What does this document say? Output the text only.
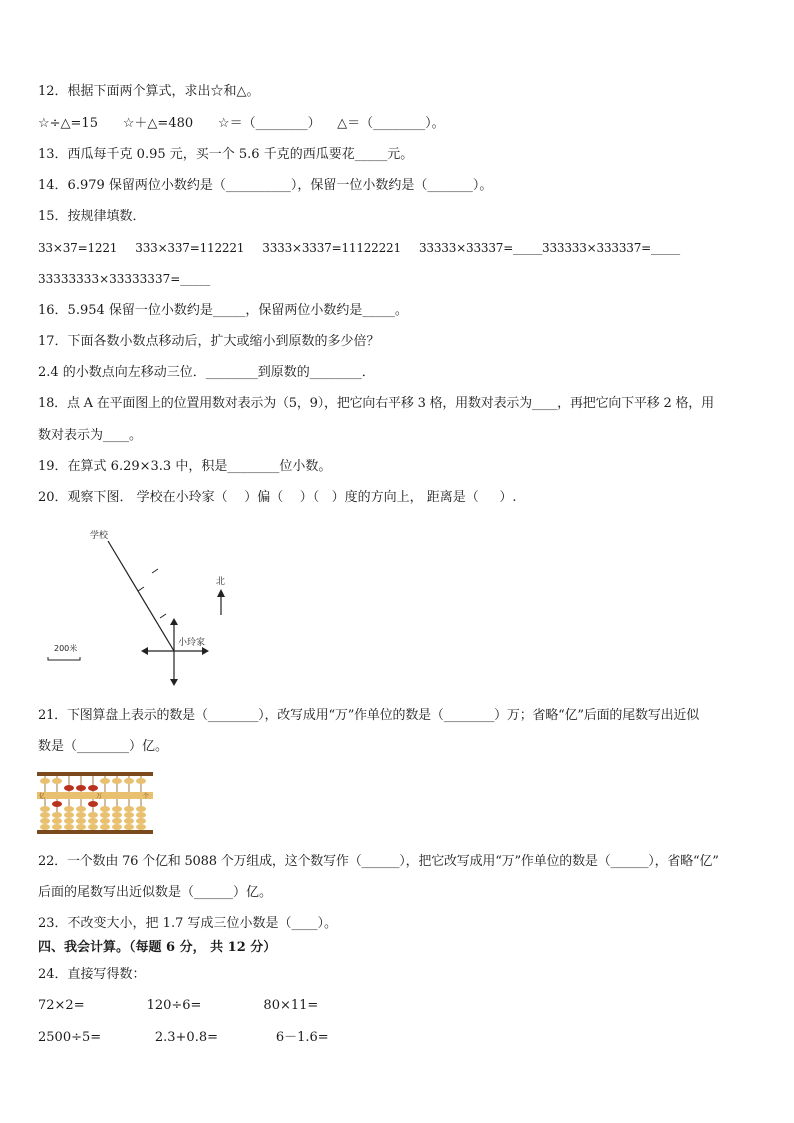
12．根据下面两个算式，求出☆和△。
☆÷△=15      ☆＋△=480      ☆＝（________）    △＝（________）。
13．西瓜每千克 0.95 元，买一个 5.6 千克的西瓜要花_____元。
14．6.979 保留两位小数约是（__________），保留一位小数约是（_______）。
15．按规律填数．
33×37=1221     333×337=112221     3333×3337=11122221     33333×33337=_____333333×333337=_____
33333333×33333337=_____
16．5.954 保留一位小数约是_____，保留两位小数约是_____。
17．下面各数小数点移动后，扩大或缩小到原数的多少倍？
2.4 的小数点向左移动三位．________到原数的________．
18．点 A 在平面图上的位置用数对表示为（5，9），把它向右平移 3 格，用数对表示为____，再把它向下平移 2 格，用
数对表示为____。
19．在算式 6.29×3.3 中，积是________位小数。
20．观察下图． 学校在小玲家（    ）偏（    ）（   ）度的方向上， 距离是（     ）.
学校
北
小玲家
200米
21．下图算盘上表示的数是（________），改写成用“万”作单位的数是（________）万；省略“亿”后面的尾数写出近似
数是（________）亿。
亿	万	个
22．一个数由 76 个亿和 5088 个万组成，这个数写作（______），把它改写成用“万”作单位的数是（______），省略“亿”
后面的尾数写出近似数是（______）亿。
23．不改变大小，把 1.7 写成三位小数是（____）。
四、我会计算。（每题 6 分， 共 12 分）
24．直接写得数：
72×2=               120÷6=               80×11=
2500÷5=             2.3+0.8=              6－1.6=
